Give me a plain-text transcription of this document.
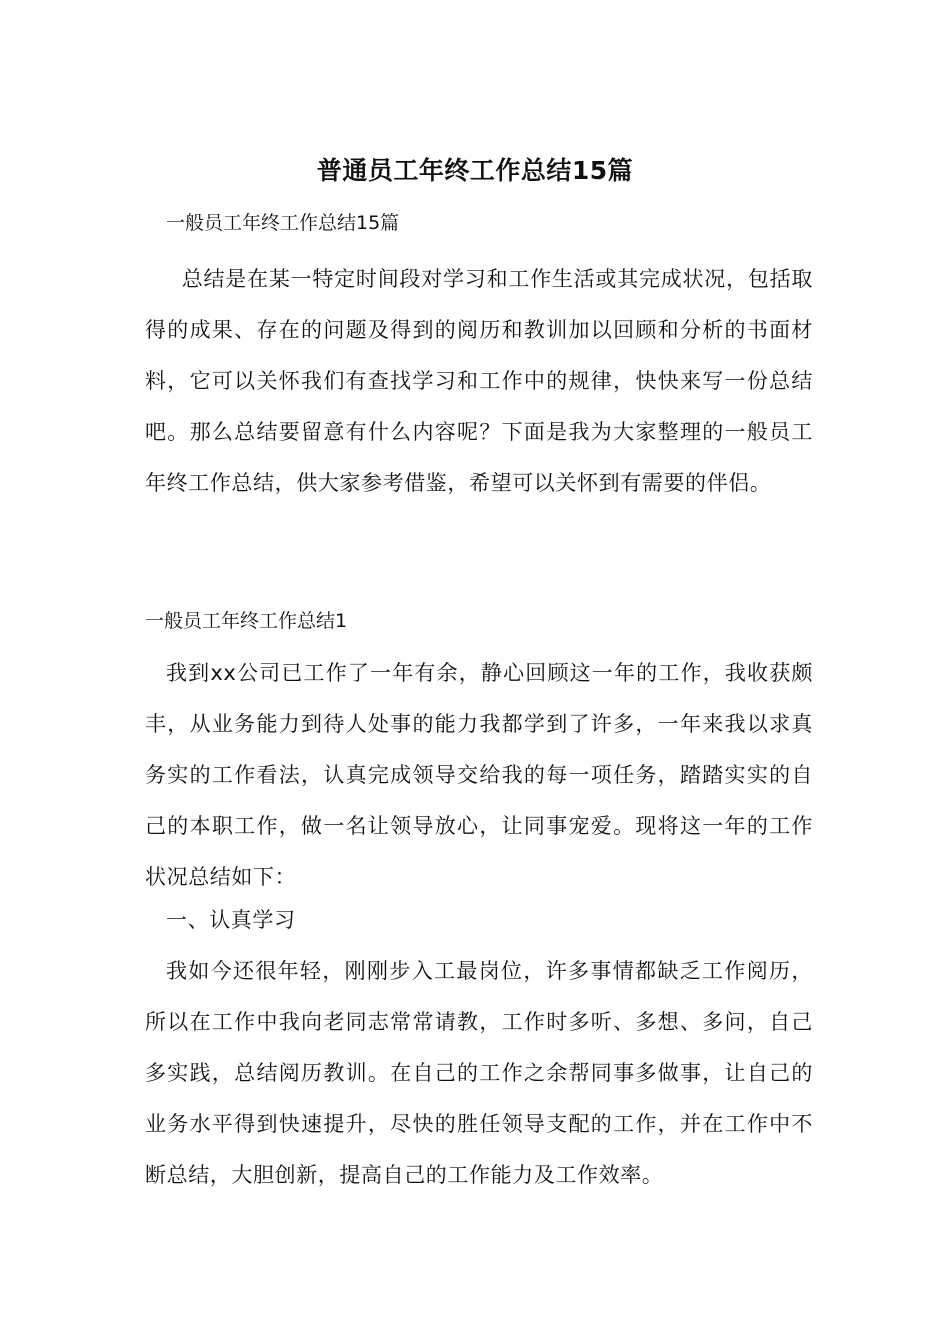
普通员工年终工作总结15篇
一般员工年终工作总结15篇

总结是在某一特定时间段对学习和工作生活或其完成状况，包括取得的成果、存在的问题及得到的阅历和教训加以回顾和分析的书面材料，它可以关怀我们有查找学习和工作中的规律，快快来写一份总结吧。那么总结要留意有什么内容呢？下面是我为大家整理的一般员工年终工作总结，供大家参考借鉴，希望可以关怀到有需要的伴侣。

一般员工年终工作总结1

我到xx公司已工作了一年有余，静心回顾这一年的工作，我收获颇丰，从业务能力到待人处事的能力我都学到了许多，一年来我以求真务实的工作看法，认真完成领导交给我的每一项任务，踏踏实实的自己的本职工作，做一名让领导放心，让同事宠爱。现将这一年的工作状况总结如下：

一、认真学习

我如今还很年轻，刚刚步入工最岗位，许多事情都缺乏工作阅历，所以在工作中我向老同志常常请教，工作时多听、多想、多问，自己多实践，总结阅历教训。在自己的工作之余帮同事多做事，让自己的业务水平得到快速提升，尽快的胜任领导支配的工作，并在工作中不断总结，大胆创新，提高自己的工作能力及工作效率。
